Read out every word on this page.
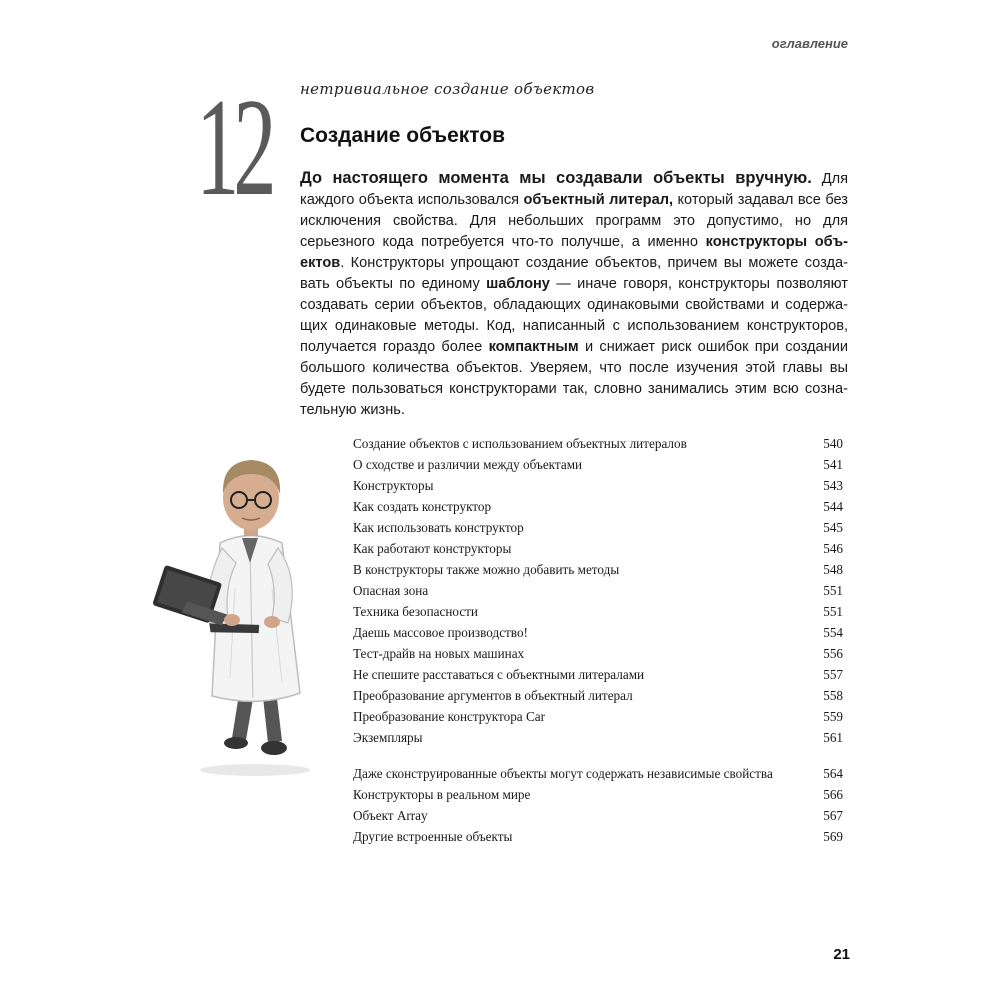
оглавление
12 нетривиальное создание объектов
Создание объектов
До настоящего момента мы создавали объекты вручную. Для каждого объекта использовался объектный литерал, который задавал все без исключения свойства. Для небольших программ это допустимо, но для серьезного кода потребуется что-то получше, а именно конструкторы объектов. Конструкторы упрощают создание объектов, причем вы можете создавать объекты по единому шаблону — иначе говоря, конструкторы позволяют создавать серии объектов, обладающих одинаковыми свойствами и содержащих одинаковые методы. Код, написанный с использованием конструкторов, получается гораздо более компактным и снижает риск ошибок при создании большого количества объектов. Уверяем, что после изучения этой главы вы будете пользоваться конструкторами так, словно занимались этим всю сознательную жизнь.
Создание объектов с использованием объектных литералов	540
О сходстве и различии между объектами	541
Конструкторы	543
Как создать конструктор	544
Как использовать конструктор	545
Как работают конструкторы	546
В конструкторы также можно добавить методы	548
Опасная зона	551
Техника безопасности	551
Даешь массовое производство!	554
Тест-драйв на новых машинах	556
Не спешите расставаться с объектными литералами	557
Преобразование аргументов в объектный литерал	558
Преобразование конструктора Car	559
Экземпляры	561
Даже сконструированные объекты могут содержать независимые свойства	564
Конструкторы в реальном мире	566
Объект Array	567
Другие встроенные объекты	569
21
